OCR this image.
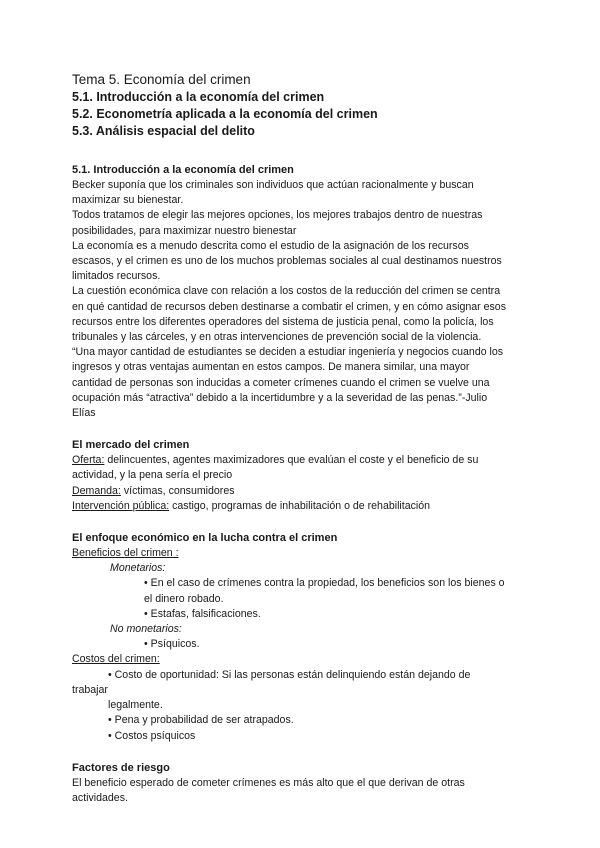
Tema 5. Economía del crimen

5.1. Introducción a la economía del crimen

5.2. Econometría aplicada a la economía del crimen

5.3. Análisis espacial del delito

5.1. Introducción a la economía del crimen

Becker suponía que los criminales son individuos que actúan racionalmente y buscan

maximizar su bienestar.

Todos tratamos de elegir las mejores opciones, los mejores trabajos dentro de nuestras

posibilidades, para maximizar nuestro bienestar

La economía es a menudo descrita como el estudio de la asignación de los recursos

escasos, y el crimen es uno de los muchos problemas sociales al cual destinamos nuestros

limitados recursos.

La cuestión económica clave con relación a los costos de la reducción del crimen se centra

en qué cantidad de recursos deben destinarse a combatir el crimen, y en cómo asignar esos

recursos entre los diferentes operadores del sistema de justicia penal, como la policía, los

tribunales y las cárceles, y en otras intervenciones de prevención social de la violencia.

“Una mayor cantidad de estudiantes se deciden a estudiar ingeniería y negocios cuando los

ingresos y otras ventajas aumentan en estos campos. De manera similar, una mayor

cantidad de personas son inducidas a cometer crímenes cuando el crimen se vuelve una

ocupación más “atractiva” debido a la incertidumbre y a la severidad de las penas.”-Julio

Elías

El mercado del crimen

Oferta: delincuentes, agentes maximizadores que evalúan el coste y el beneficio de su

actividad, y la pena sería el precio

Demanda: víctimas, consumidores

Intervención pública: castigo, programas de inhabilitación o de rehabilitación

El enfoque económico en la lucha contra el crimen

Beneficios del crimen :

Monetarios:

• En el caso de crímenes contra la propiedad, los beneficios son los bienes o

el dinero robado.

• Estafas, falsificaciones.

No monetarios:

• Psíquicos.

Costos del crimen:

• Costo de oportunidad: Si las personas están delinquiendo están dejando de

trabajar

legalmente.

• Pena y probabilidad de ser atrapados.

• Costos psíquicos

Factores de riesgo

El beneficio esperado de cometer crímenes es más alto que el que derivan de otras

actividades.
